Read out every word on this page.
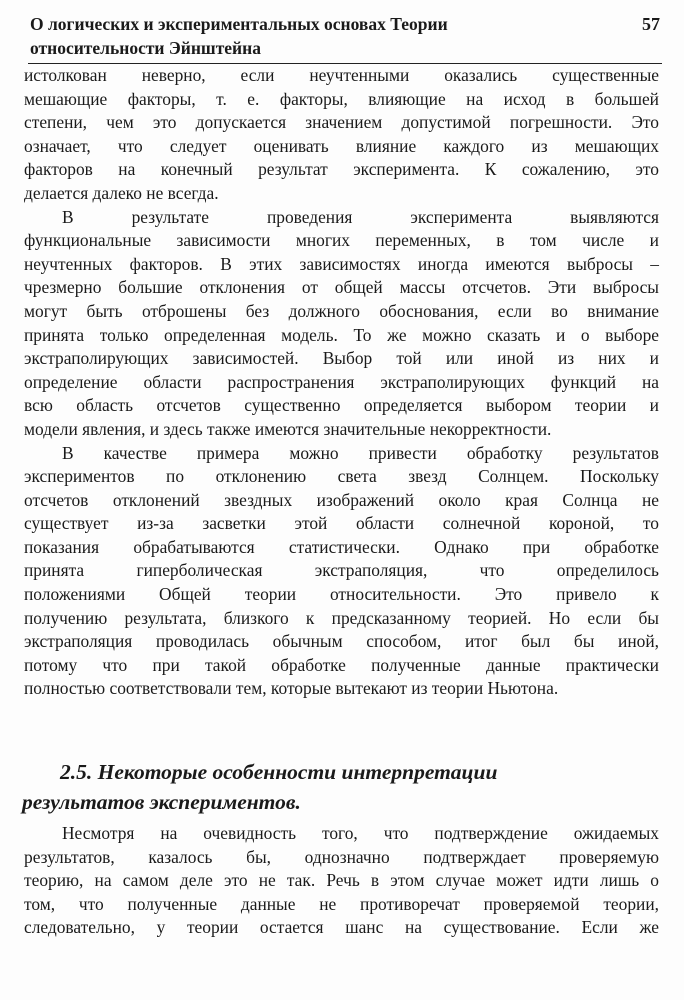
О логических и экспериментальных основах Теории
относительности Эйнштейна
57
истолкован неверно, если неучтенными оказались существенные
мешающие факторы, т. е. факторы, влияющие на исход в большей
степени, чем это допускается значением допустимой погрешности. Это
означает, что следует оценивать влияние каждого из мешающих
факторов на конечный результат эксперимента. К сожалению, это
делается далеко не всегда.
В результате проведения эксперимента выявляются
функциональные зависимости многих переменных, в том числе и
неучтенных факторов. В этих зависимостях иногда имеются выбросы –
чрезмерно большие отклонения от общей массы отсчетов. Эти выбросы
могут быть отброшены без должного обоснования, если во внимание
принята только определенная модель. То же можно сказать и о выборе
экстраполирующих зависимостей. Выбор той или иной из них и
определение области распространения экстраполирующих функций на
всю область отсчетов существенно определяется выбором теории и
модели явления, и здесь также имеются значительные некорректности.
В качестве примера можно привести обработку результатов
экспериментов по отклонению света звезд Солнцем. Поскольку
отсчетов отклонений звездных изображений около края Солнца не
существует из-за засветки этой области солнечной короной, то
показания обрабатываются статистически. Однако при обработке
принята гиперболическая экстраполяция, что определилось
положениями Общей теории относительности. Это привело к
получению результата, близкого к предсказанному теорией. Но если бы
экстраполяция проводилась обычным способом, итог был бы иной,
потому что при такой обработке полученные данные практически
полностью соответствовали тем, которые вытекают из теории Ньютона.
2.5. Некоторые особенности интерпретации
результатов экспериментов.
Несмотря на очевидность того, что подтверждение ожидаемых
результатов, казалось бы, однозначно подтверждает проверяемую
теорию, на самом деле это не так. Речь в этом случае может идти лишь о
том, что полученные данные не противоречат проверяемой теории,
следовательно, у теории остается шанс на существование. Если же
